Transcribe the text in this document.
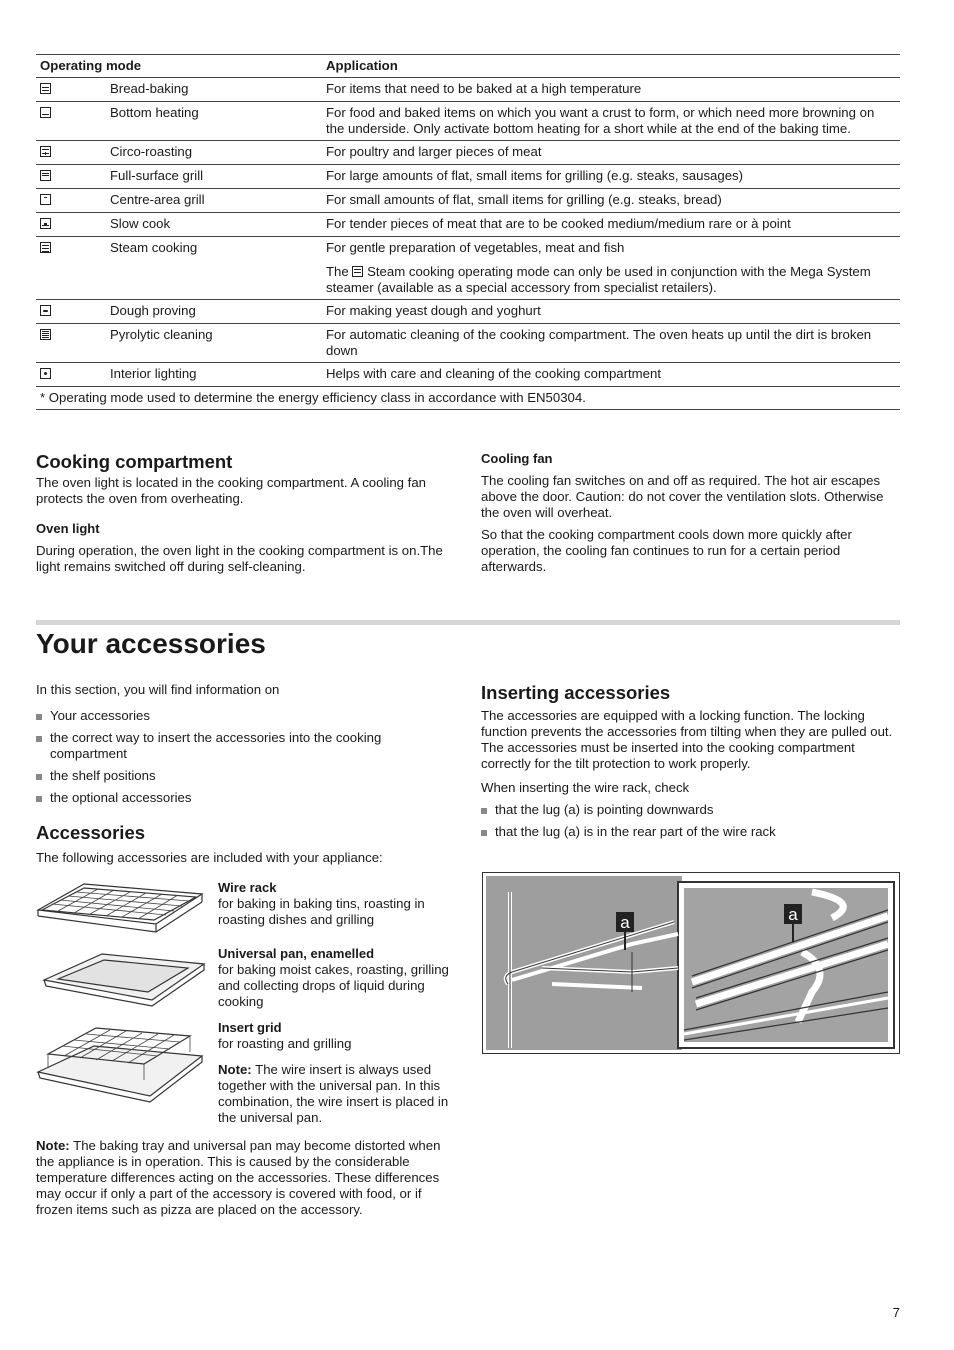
Operating mode	Application
Bread-baking	For items that need to be baked at a high temperature
Bottom heating	For food and baked items on which you want a crust to form, or which need more browning on the underside. Only activate bottom heating for a short while at the end of the baking time.
Circo-roasting	For poultry and larger pieces of meat
Full-surface grill	For large amounts of flat, small items for grilling (e.g. steaks, sausages)
Centre-area grill	For small amounts of flat, small items for grilling (e.g. steaks, bread)
Slow cook	For tender pieces of meat that are to be cooked medium/medium rare or à point
Steam cooking	For gentle preparation of vegetables, meat and fish

The Steam cooking operating mode can only be used in conjunction with the Mega System steamer (available as a special accessory from specialist retailers).

Dough proving	For making yeast dough and yoghurt
Pyrolytic cleaning	For automatic cleaning of the cooking compartment. The oven heats up until the dirt is broken down
Interior lighting	Helps with care and cleaning of the cooking compartment
* Operating mode used to determine the energy efficiency class in accordance with EN50304.
Cooking compartment

The oven light is located in the cooking compartment. A cooling fan protects the oven from overheating.

Oven light

During operation, the oven light in the cooking compartment is on.The light remains switched off during self-cleaning.

Cooling fan

The cooling fan switches on and off as required. The hot air escapes above the door. Caution: do not cover the ventilation slots. Otherwise the oven will overheat.

So that the cooking compartment cools down more quickly after operation, the cooling fan continues to run for a certain period afterwards.

Your accessories

In this section, you will find information on

Your accessories
the correct way to insert the accessories into the cooking compartment
the shelf positions
the optional accessories
Accessories

The following accessories are included with your appliance:

Wire rack

for baking in baking tins, roasting in roasting dishes and grilling

Universal pan, enamelled

for baking moist cakes, roasting, grilling and collecting drops of liquid during cooking

Insert grid

for roasting and grilling

Note: The wire insert is always used together with the universal pan. In this combination, the wire insert is placed in the universal pan.

Note: The baking tray and universal pan may become distorted when the appliance is in operation. This is caused by the considerable temperature differences acting on the accessories. These differences may occur if only a part of the accessory is covered with food, or if frozen items such as pizza are placed on the accessory.

Inserting accessories

The accessories are equipped with a locking function. The locking function prevents the accessories from tilting when they are pulled out. The accessories must be inserted into the cooking compartment correctly for the tilt protection to work properly.

When inserting the wire rack, check

that the lug (a) is pointing downwards
that the lug (a) is in the rear part of the wire rack
a	a
7
